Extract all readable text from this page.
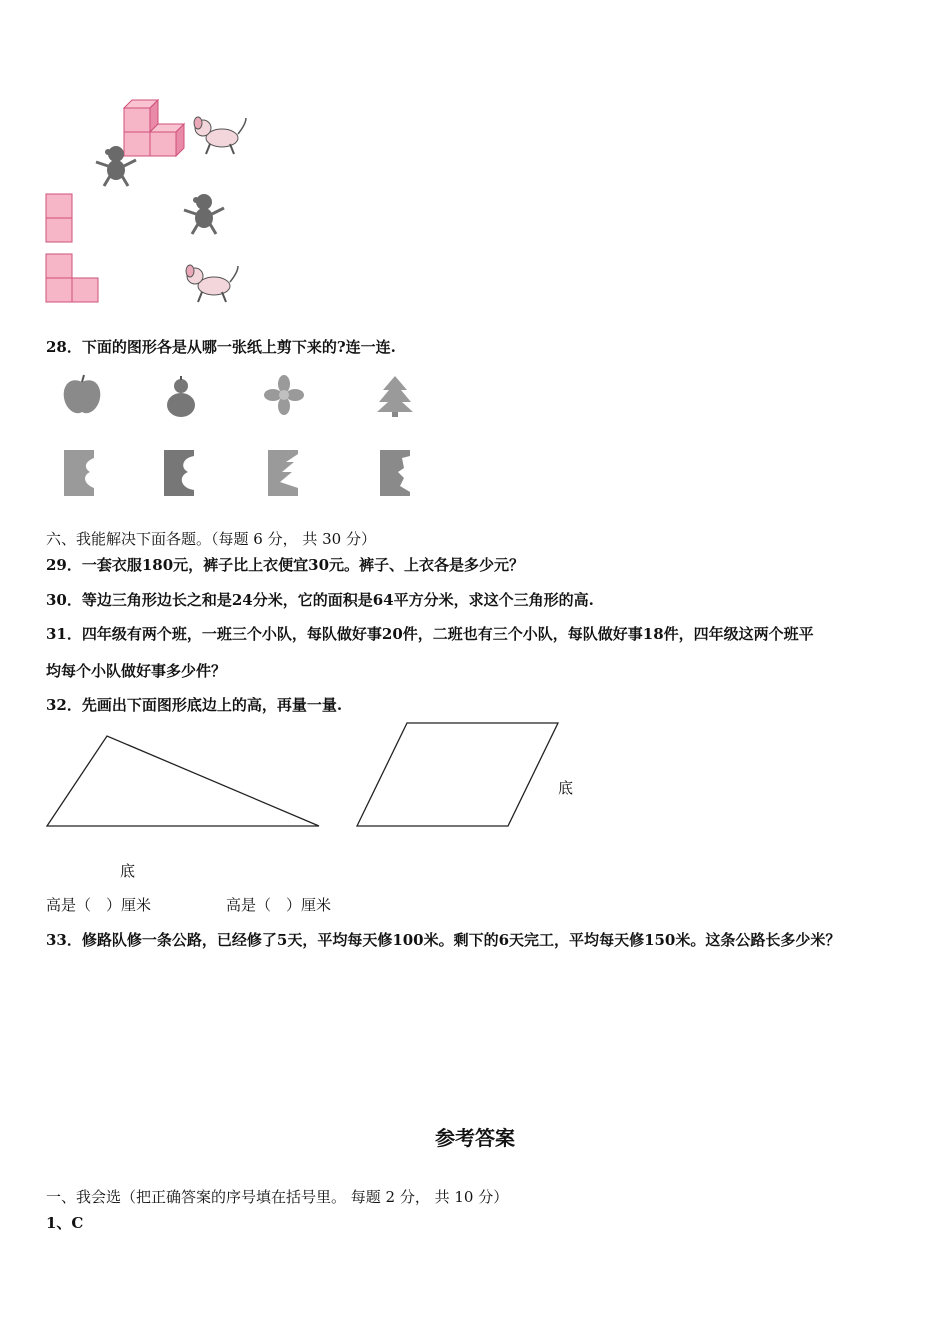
28．下面的图形各是从哪一张纸上剪下来的?连一连.
六、我能解决下面各题。（每题 6 分， 共 30 分）
29．一套衣服180元，裤子比上衣便宜30元。裤子、上衣各是多少元？
30．等边三角形边长之和是24分米，它的面积是64平方分米，求这个三角形的高.
31．四年级有两个班，一班三个小队，每队做好事20件，二班也有三个小队，每队做好事18件，四年级这两个班平
均每个小队做好事多少件？
32．先画出下面图形底边上的高，再量一量.
底
底
高是（　）厘米	高是（　）厘米
33．修路队修一条公路，已经修了5天，平均每天修100米。剩下的6天完工，平均每天修150米。这条公路长多少米？
参考答案
一、我会选（把正确答案的序号填在括号里。 每题 2 分， 共 10 分）
1、C
